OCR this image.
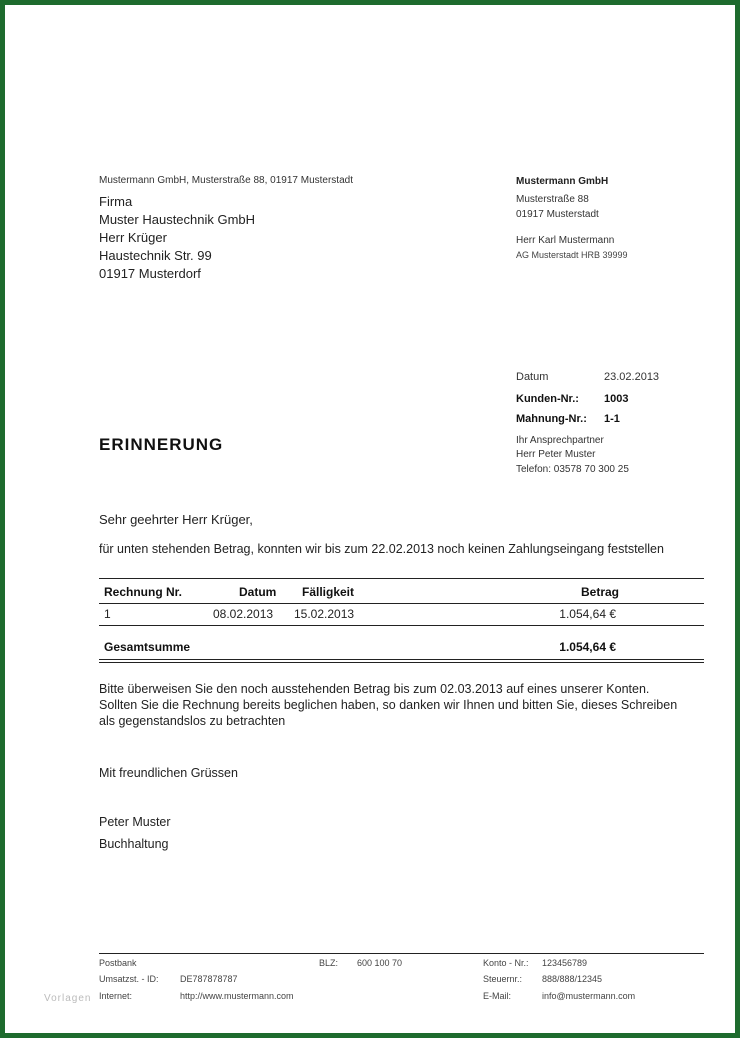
Mustermann GmbH, Musterstraße 88, 01917 Musterstadt
Firma
Muster Haustechnik GmbH
Herr Krüger
Haustechnik Str. 99
01917 Musterdorf
Mustermann GmbH
Musterstraße 88
01917 Musterstadt
Herr Karl Mustermann
AG Musterstadt HRB 39999
Datum	23.02.2013
Kunden-Nr.: 1003
Mahnung-Nr.: 1-1
Ihr Ansprechpartner
Herr Peter Muster
Telefon: 03578 70 300 25
ERINNERUNG
Sehr geehrter Herr Krüger,
für unten stehenden Betrag, konnten wir bis zum 22.02.2013 noch keinen Zahlungseingang feststellen
Rechnung Nr.	Datum Fälligkeit	Betrag
1	08.02.2013 15.02.2013	1.054,64 €
Gesamtsumme	1.054,64 €
Bitte überweisen Sie den noch ausstehenden Betrag bis zum 02.03.2013 auf eines unserer Konten. Sollten Sie die Rechnung bereits beglichen haben, so danken wir Ihnen und bitten Sie, dieses Schreiben als gegenstandslos zu betrachten
Mit freundlichen Grüssen
Peter Muster
Buchhaltung
Postbank	BLZ: 600 100 70	Konto - Nr.: 123456789
Umsatzst. - ID: DE787878787	Steuernr.: 888/888/12345
Internet:	http://www.mustermann.com	E-Mail:	info@mustermann.com
Vorlagen
